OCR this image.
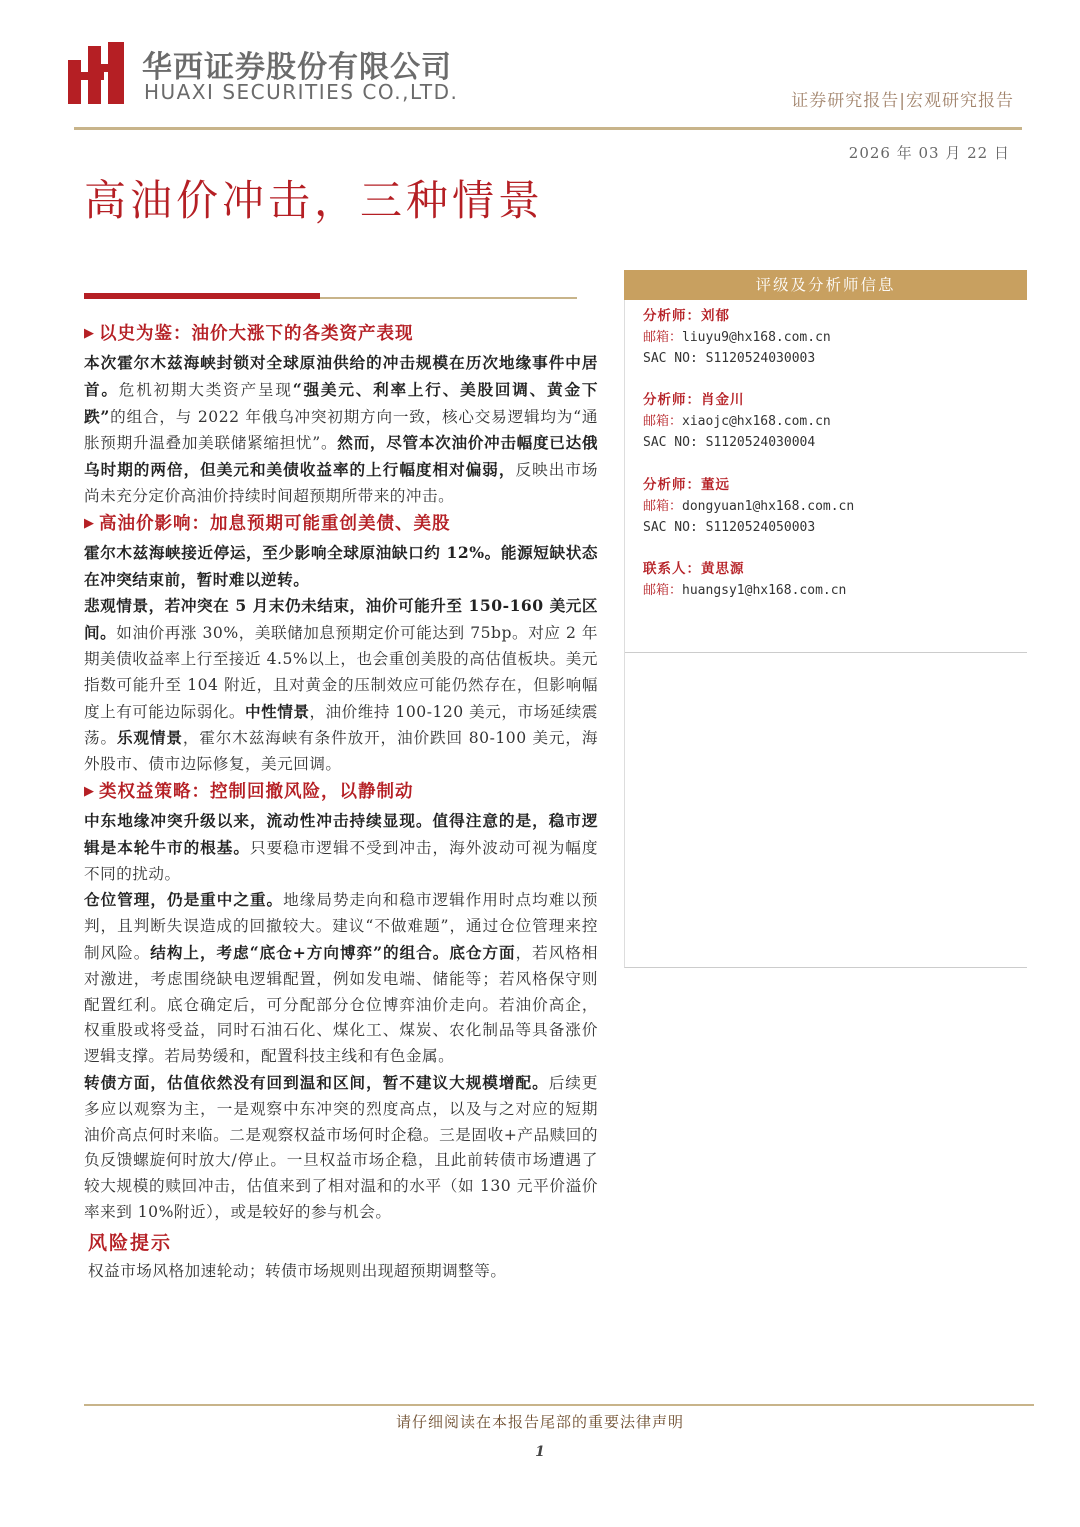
华西证券股份有限公司
HUAXI SECURITIES CO.,LTD.	证券研究报告|宏观研究报告
2026 年 03 月 22 日
高油价冲击，三种情景
▶ 以史为鉴：油价大涨下的各类资产表现
本次霍尔木兹海峡封锁对全球原油供给的冲击规模在历次地缘事件中居首。危机初期大类资产呈现“强美元、利率上行、美股回调、黄金下跌”的组合，与 2022 年俄乌冲突初期方向一致，核心交易逻辑均为“通胀预期升温叠加美联储紧缩担忧”。然而，尽管本次油价冲击幅度已达俄乌时期的两倍，但美元和美债收益率的上行幅度相对偏弱，反映出市场尚未充分定价高油价持续时间超预期所带来的冲击。
▶ 高油价影响：加息预期可能重创美债、美股
霍尔木兹海峡接近停运，至少影响全球原油缺口约 12%。能源短缺状态在冲突结束前，暂时难以逆转。
悲观情景，若冲突在 5 月末仍未结束，油价可能升至 150-160 美元区间。如油价再涨 30%，美联储加息预期定价可能达到 75bp。对应 2 年期美债收益率上行至接近 4.5%以上，也会重创美股的高估值板块。美元指数可能升至 104 附近，且对黄金的压制效应可能仍然存在，但影响幅度上有可能边际弱化。中性情景，油价维持 100-120 美元，市场延续震荡。乐观情景，霍尔木兹海峡有条件放开，油价跌回 80-100 美元，海外股市、债市边际修复，美元回调。
▶ 类权益策略：控制回撤风险，以静制动
中东地缘冲突升级以来，流动性冲击持续显现。值得注意的是，稳市逻辑是本轮牛市的根基。只要稳市逻辑不受到冲击，海外波动可视为幅度不同的扰动。
仓位管理，仍是重中之重。地缘局势走向和稳市逻辑作用时点均难以预判，且判断失误造成的回撤较大。建议“不做难题”，通过仓位管理来控制风险。结构上，考虑“底仓+方向博弈”的组合。底仓方面，若风格相对激进，考虑围绕缺电逻辑配置，例如发电端、储能等；若风格保守则配置红利。底仓确定后，可分配部分仓位博弈油价走向。若油价高企，权重股或将受益，同时石油石化、煤化工、煤炭、农化制品等具备涨价逻辑支撑。若局势缓和，配置科技主线和有色金属。
转债方面，估值依然没有回到温和区间，暂不建议大规模增配。后续更多应以观察为主，一是观察中东冲突的烈度高点，以及与之对应的短期油价高点何时来临。二是观察权益市场何时企稳。三是固收+产品赎回的负反馈螺旋何时放大/停止。一旦权益市场企稳，且此前转债市场遭遇了较大规模的赎回冲击，估值来到了相对温和的水平（如 130 元平价溢价率来到 10%附近），或是较好的参与机会。
风险提示
权益市场风格加速轮动；转债市场规则出现超预期调整等。
评级及分析师信息
分析师：刘郁
邮箱：liuyu9@hx168.com.cn
SAC NO: S1120524030003
分析师：肖金川
邮箱：xiaojc@hx168.com.cn
SAC NO: S1120524030004
分析师：董远
邮箱：dongyuan1@hx168.com.cn
SAC NO: S1120524050003
联系人：黄思源
邮箱：huangsy1@hx168.com.cn
请仔细阅读在本报告尾部的重要法律声明
1
